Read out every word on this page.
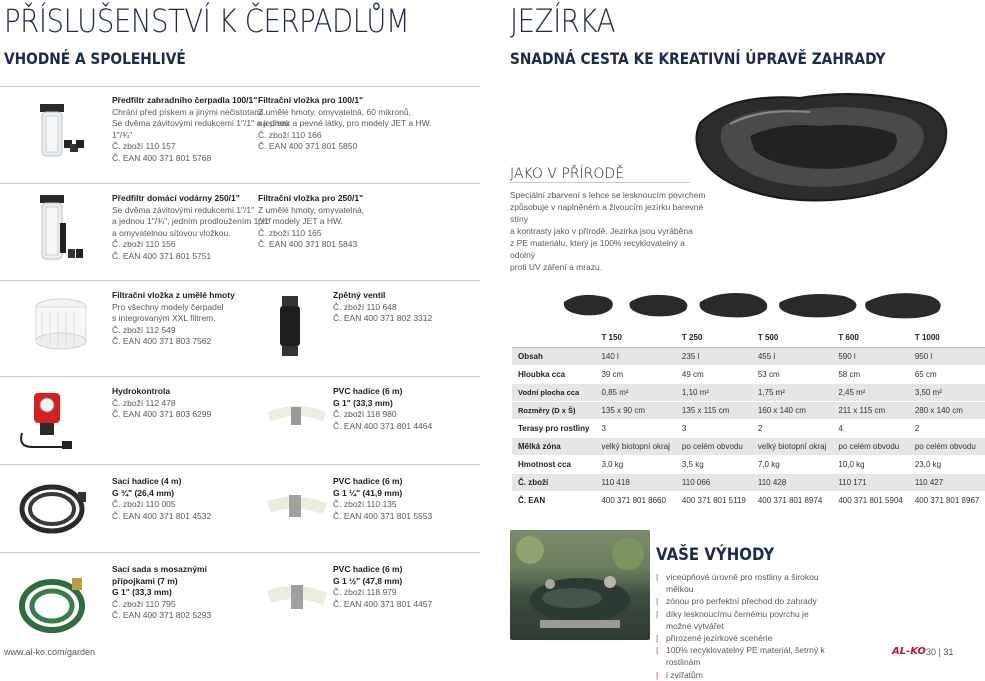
PŘÍSLUŠENSTVÍ K ČERPADLŮM
VHODNÉ A SPOLEHLIVÉ
JEZÍRKA
SNADNÁ CESTA KE KREATIVNÍ ÚPRAVĚ ZAHRADY
Předfiltr zahradního čerpadla 100/1"
Chrání před pískem a jinými nečistotami.
Se dvěma závitovými redukcemi 1"/1" a jednou
1"/¾"
Č. zboží 110 157
Č. EAN 400 371 801 5768
Filtrační vložka pro 100/1"
Z umělé hmoty, omyvatelná, 60 mikronů,
na písek a pevné látky, pro modely JET a HW.
Č. zboží 110 166
Č. EAN 400 371 801 5850
Předfiltr domácí vodárny 250/1"
Se dvěma závitovými redukcemi 1"/1"
a jednou 1"/¾", jedním prodloužením 1"/1"
a omyvatelnou sítovou vložkou.
Č. zboží 110 156
Č. EAN 400 371 801 5751
Filtrační vložka pro 250/1"
Z umělé hmoty, omyvatelná,
pro modely JET a HW.
Č. zboží 110 165
Č. EAN 400 371 801 5843
Filtrační vložka z umělé hmoty
Pro všechny modely čerpadel
s integrovaným XXL filtrem.
Č. zboží 112 549
Č. EAN 400 371 803 7562
Zpětný ventil
Č. zboží 110 648
Č. EAN 400 371 802 3312
Hydrokontrola
Č. zboží 112 478
Č. EAN 400 371 803 6299
PVC hadice (6 m)
G 1" (33,3 mm)
Č. zboží 118 980
Č. EAN 400 371 801 4464
Sací hadice (4 m)
G ¾" (26,4 mm)
Č. zboží 110 005
Č. EAN 400 371 801 4532
PVC hadice (6 m)
G 1 ¼" (41,9 mm)
Č. zboží 110 135
Č. EAN 400 371 801 5553
Sací sada s mosaznými
přípojkami (7 m)
G 1" (33,3 mm)
Č. zboží 110 795
Č. EAN 400 371 802 5293
PVC hadice (6 m)
G 1 ½" (47,8 mm)
Č. zboží 118 979
Č. EAN 400 371 801 4457
JAKO V PŘÍRODĚ
Speciální zbarvení s lehce se lesknoucím povrchem
způsobuje v naplněném a živoucím jezírku barevné stíny
a kontrasty jako v přírodě. Jezírka jsou vyráběna
z PE materiálu, který je 100% recyklovatelný a odolný
proti UV záření a mrazu.
	T 150	T 250	T 500	T 600	T 1000
Obsah	140 l	235 l	455 l	590 l	950 l
Hloubka cca	39 cm	49 cm	53 cm	58 cm	65 cm
Vodní plocha cca	0,85 m²	1,10 m²	1,75 m²	2,45 m²	3,50 m²
Rozměry (D x Š)	135 x 90 cm	135 x 115 cm	160 x 140 cm	211 x 115 cm	280 x 140 cm
Terasy pro rostliny	3	3	2	4	2
Mělká zóna	velký biotopní okraj	po celém obvodu	velký biotopní okraj	po celém obvodu	po celém obvodu
Hmotnost cca	3,0 kg	3,5 kg	7,0 kg	10,0 kg	23,0 kg
Č. zboží	110 418	110 066	110 428	110 171	110 427
Č. EAN	400 371 801 8660	400 371 801 5119	400 371 801 8974	400 371 801 5904	400 371 801 8967
VAŠE VÝHODY
| víceúpňové úrovně pro rostliny a širokou mělkou
| zónou pro perfektní přechod do zahrady
| díky lesknoucímu černému povrchu je možné vytvářet
| přirozené jezírkové scenérie
| 100% recyklovatelný PE materiál, šetrný k rostlinám
| i zvířatům
www.al-ko.com/garden	AL-KO 30 | 31
